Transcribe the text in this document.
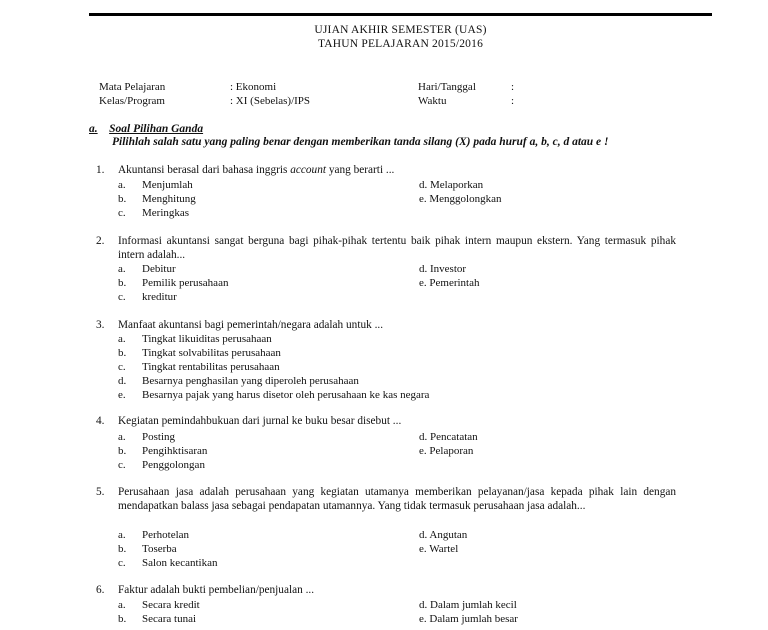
UJIAN AKHIR SEMESTER (UAS)
TAHUN PELAJARAN 2015/2016
Mata Pelajaran	: Ekonomi	Hari/Tanggal	:
Kelas/Program	: XI (Sebelas)/IPS	Waktu	:
a. Soal Pilihan Ganda
Pilihlah salah satu yang paling benar dengan memberikan tanda silang (X) pada huruf a, b, c, d atau e !
1. Akuntansi berasal dari bahasa inggris account yang berarti ...
a. Menjumlah
b. Menghitung
c. Meringkas
d. Melaporkan
e. Menggolongkan
2. Informasi akuntansi sangat berguna bagi pihak-pihak tertentu baik pihak intern maupun ekstern. Yang termasuk pihak intern adalah...
a. Debitur
b. Pemilik perusahaan
c. kreditur
d. Investor
e. Pemerintah
3. Manfaat akuntansi bagi pemerintah/negara adalah untuk ...
a. Tingkat likuiditas perusahaan
b. Tingkat solvabilitas perusahaan
c. Tingkat rentabilitas perusahaan
d. Besarnya penghasilan yang diperoleh perusahaan
e. Besarnya pajak yang harus disetor oleh perusahaan ke kas negara
4. Kegiatan pemindahbukuan dari jurnal ke buku besar disebut ...
a. Posting
b. Pengihktisaran
c. Penggolongan
d. Pencatatan
e. Pelaporan
5. Perusahaan jasa adalah perusahaan yang kegiatan utamanya memberikan pelayanan/jasa kepada pihak lain dengan mendapatkan balass jasa sebagai pendapatan utamannya. Yang tidak termasuk perusahaan jasa adalah...
a. Perhotelan
b. Toserba
c. Salon kecantikan
d. Angutan
e. Wartel
6. Faktur adalah bukti pembelian/penjualan ...
a. Secara kredit
b. Secara tunai
d. Dalam jumlah kecil
e. Dalam jumlah besar
